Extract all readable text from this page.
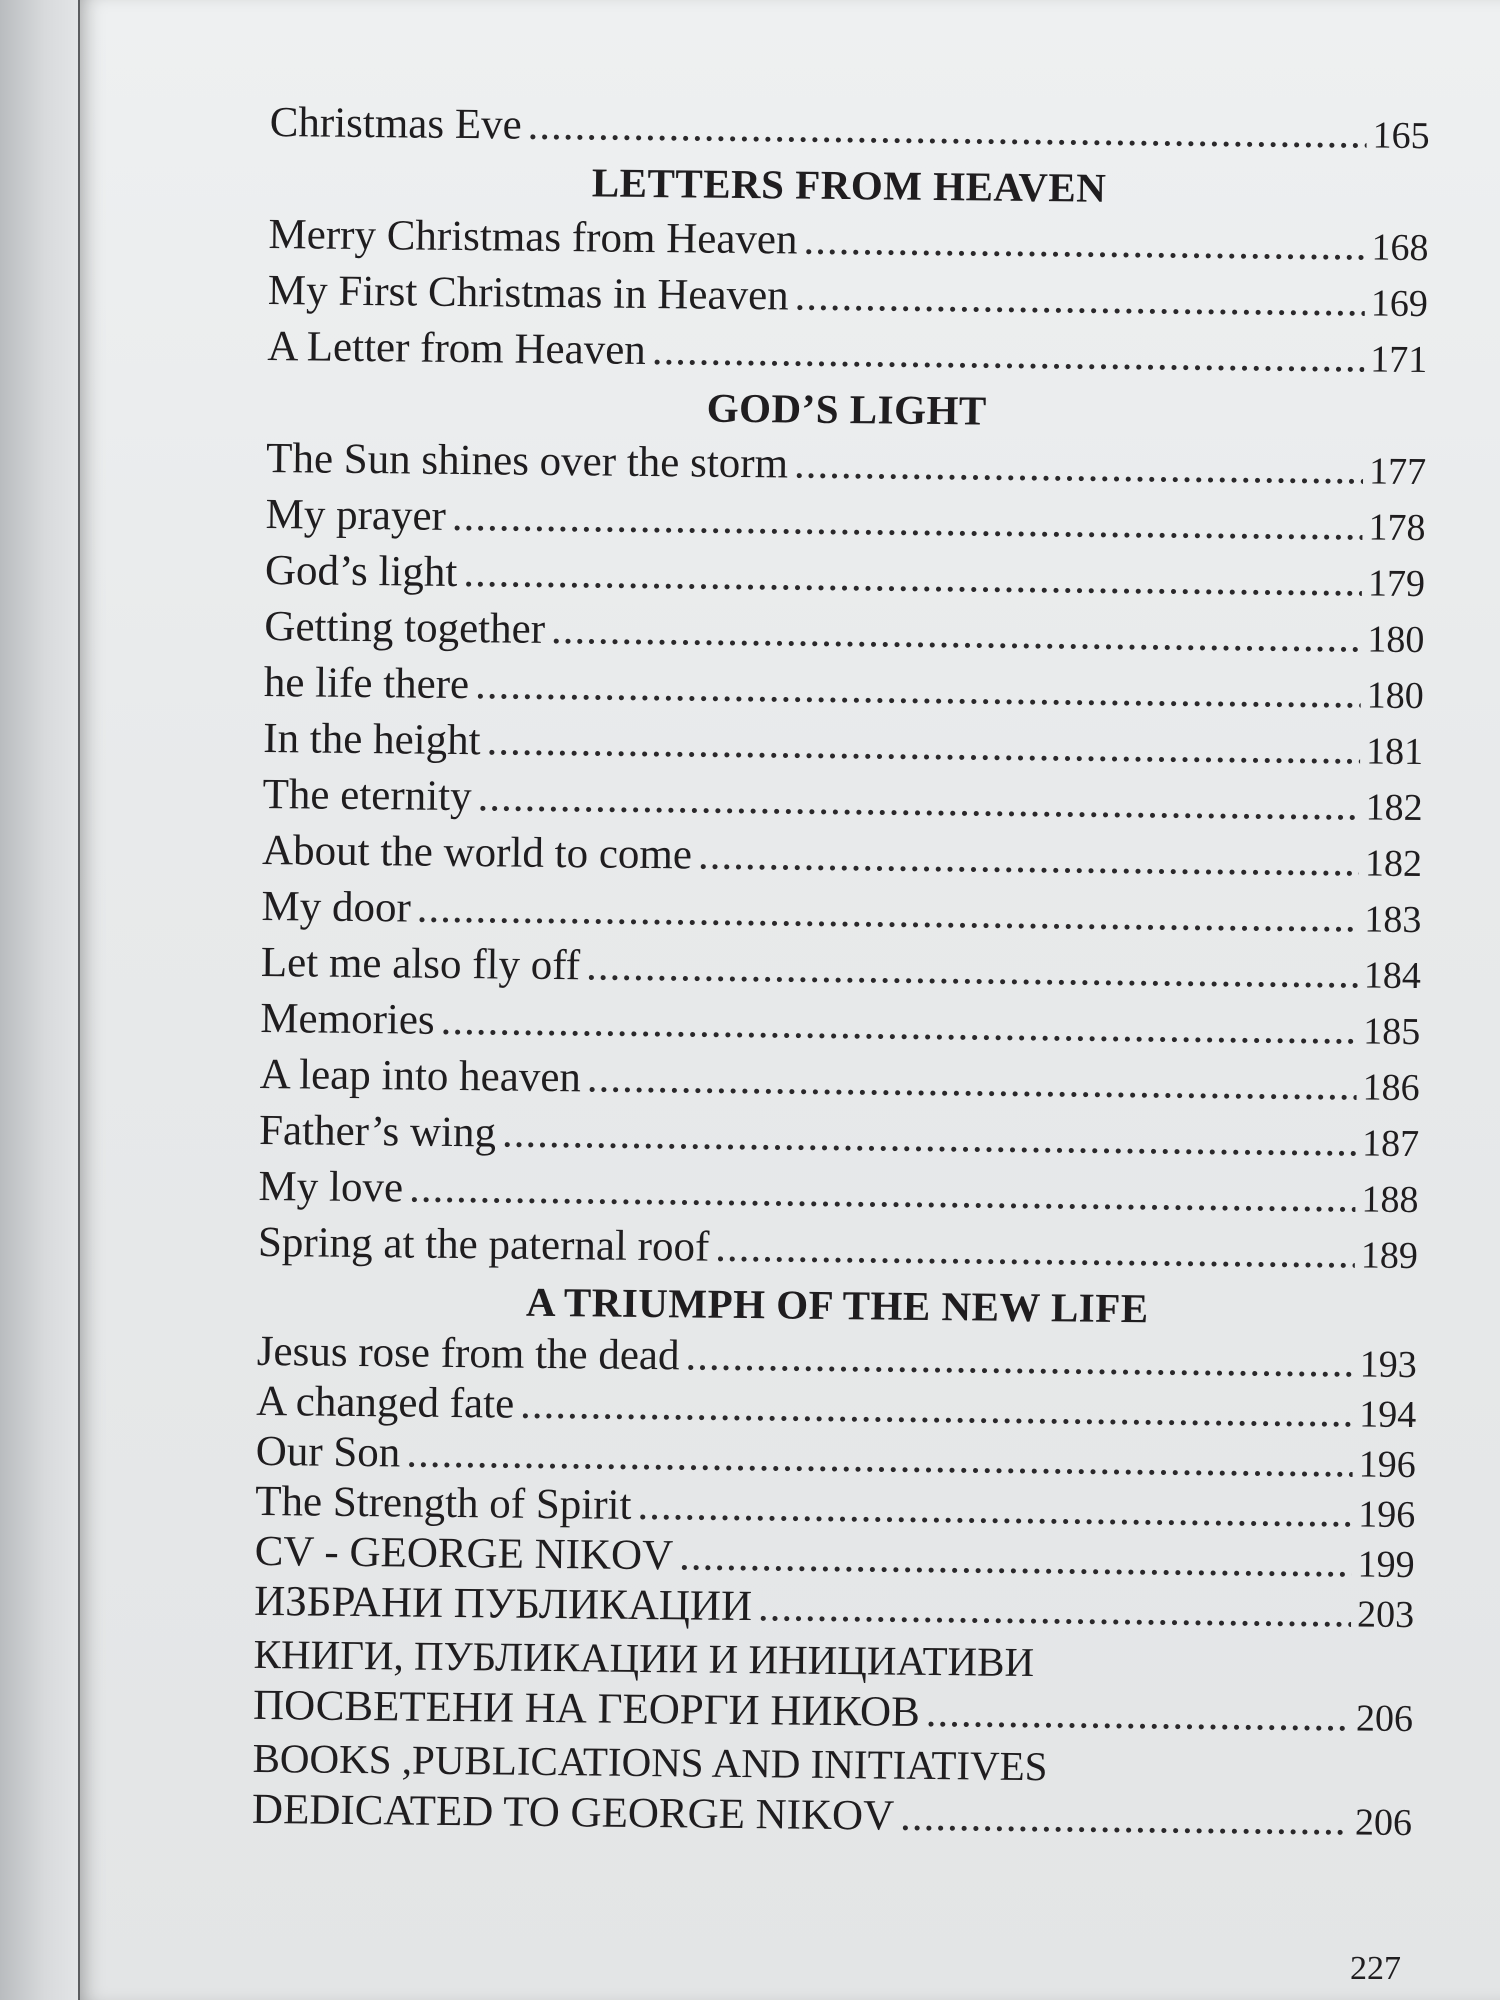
Christmas Eve .....	165
LETTERS FROM HEAVEN
Merry Christmas from Heaven .....	168
My First Christmas in Heaven .....	169
A Letter from Heaven .....	171
GOD’S LIGHT
The Sun shines over the storm .....	177
My prayer .....	178
God’s light .....	179
Getting together .....	180
he life there .....	180
In the height .....	181
The eternity .....	182
About the world to come .....	182
My door .....	183
Let me also fly off .....	184
Memories .....	185
A leap into heaven .....	186
Father’s wing .....	187
My love .....	188
Spring at the paternal roof .....	189
A TRIUMPH OF THE NEW LIFE
Jesus rose from the dead .....	193
A changed fate .....	194
Our Son .....	196
The Strength of Spirit .....	196
CV - GEORGE NIKOV .....	199
ИЗБРАНИ ПУБЛИКАЦИИ .....	203
КНИГИ, ПУБЛИКАЦИИ И ИНИЦИАТИВИ
ПОСВЕТЕНИ НА ГЕОРГИ НИКОВ .....	206
BOOKS ,PUBLICATIONS AND INITIATIVES
DEDICATED TO GEORGE NIKOV .....	206
227
